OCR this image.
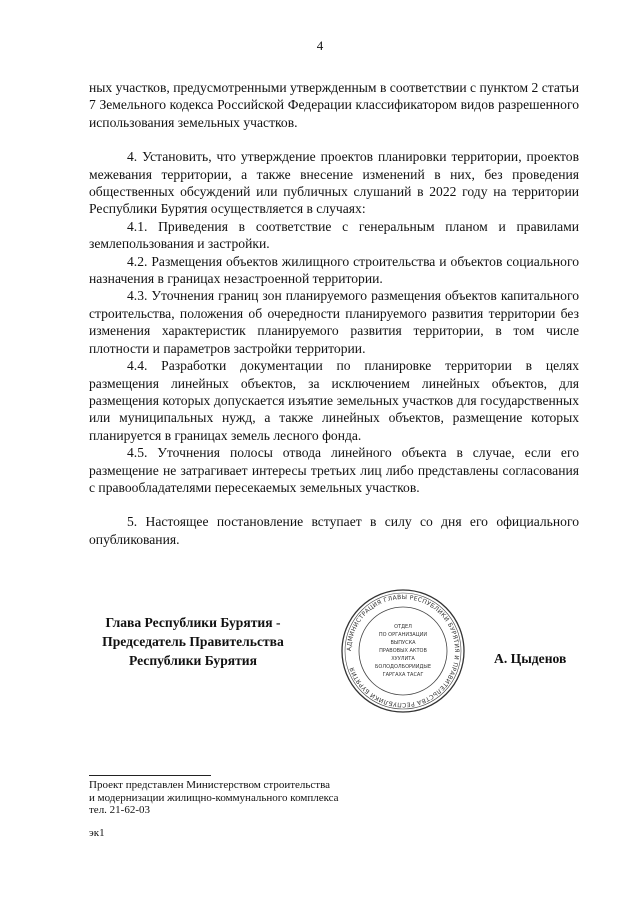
4

ных участков, предусмотренными утвержденным в соответствии с пунктом 2 статьи 7 Земельного кодекса Российской Федерации классификатором видов разрешенного использования земельных участков.

4. Установить, что утверждение проектов планировки территории, проектов межевания территории, а также внесение изменений в них, без проведения общественных обсуждений или публичных слушаний в 2022 году на территории Республики Бурятия осуществляется в случаях:

4.1. Приведения в соответствие с генеральным планом и правилами землепользования и застройки.

4.2. Размещения объектов жилищного строительства и объектов социального назначения в границах незастроенной территории.

4.3. Уточнения границ зон планируемого размещения объектов капитального строительства, положения об очередности планируемого развития территории без изменения характеристик планируемого развития территории, в том числе плотности и параметров застройки территории.

4.4. Разработки документации по планировке территории в целях размещения линейных объектов, за исключением линейных объектов, для размещения которых допускается изъятие земельных участков для государственных или муниципальных нужд, а также линейных объектов, размещение которых планируется в границах земель лесного фонда.

4.5. Уточнения полосы отвода линейного объекта в случае, если его размещение не затрагивает интересы третьих лиц либо представлены согласования с правообладателями пересекаемых земельных участков.

5. Настоящее постановление вступает в силу со дня его официального опубликования.

Глава Республики Бурятия -
Председатель Правительства
Республики Бурятия
АДМИНИСТРАЦИЯ ГЛАВЫ РЕСПУБЛИКИ БУРЯТИЯ И ПРАВИТЕЛЬСТВА РЕСПУБЛИКИ БУРЯТИЯ
ОТДЕЛ
ПО ОРГАНИЗАЦИИ
ВЫПУСКА
ПРАВОВЫХ АКТОВ
ХУУЛИТА
БОЛОДОЛБОРИИДЫЕ
ГАРГАХА ТАСАГ
А. Цыденов
Проект представлен Министерством строительства
и модернизации жилищно-коммунального комплекса
тел. 21-62-03
эк1
